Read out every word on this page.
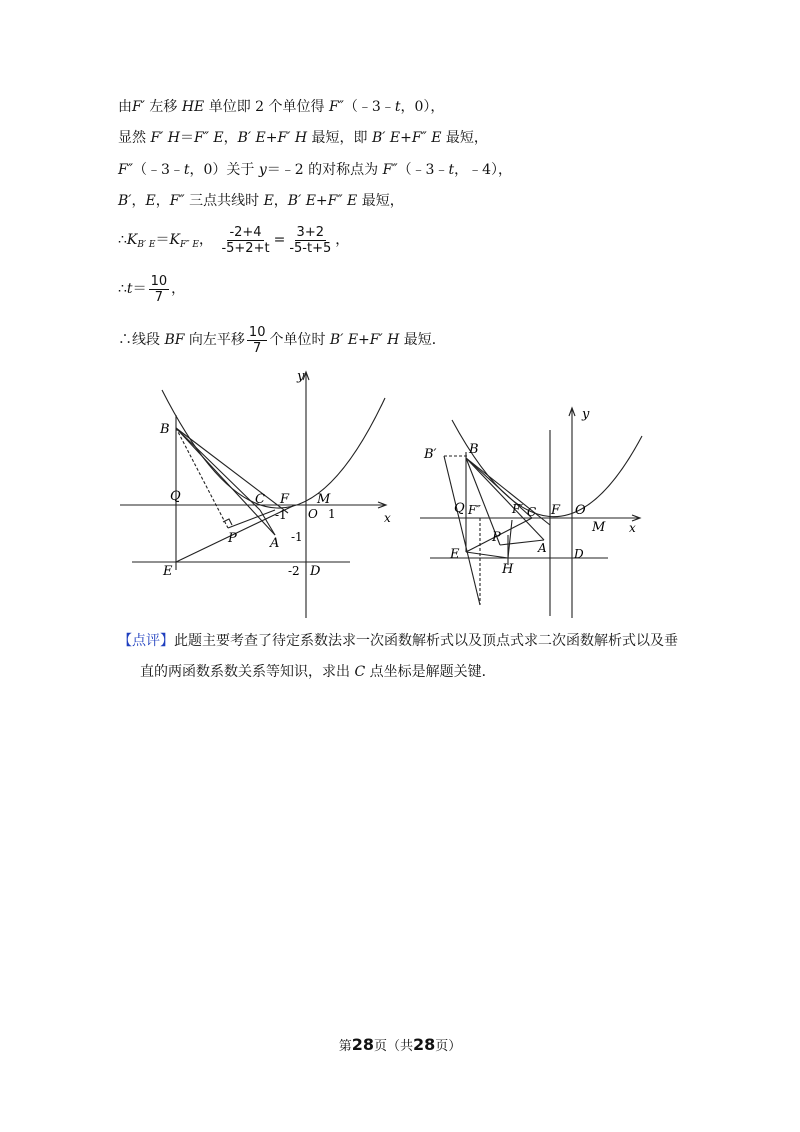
由F′ 左移 HE 单位即 2 个单位得 F″（﹣3﹣t，0），
显然 F′ H＝F″ E，B′ E+F′ H 最短，即 B′ E+F″ E 最短，
F″（﹣3﹣t，0）关于 y＝﹣2 的对称点为 F″（﹣3﹣t，﹣4），
B′，E，F″ 三点共线时 E，B′ E+F″ E 最短，
$\therefore K_{B' E}=K_{F'' E}$， $\frac{-2+4}{-5+2+t} = \frac{3+2}{-5-t+5}$ ，
∴t＝ $\frac{10}{7}$ ，
∴线段 BF 向左平移 $\frac{10}{7}$ 个单位时 B′ E+F′ H 最短．
y
x
B
Q	C F M
O 1
-1
-1
P	A
E	-2 D
y
x
B′ B
Q F″	F′ C F O
M
P
A D
E
H
【点评】此题主要考查了待定系数法求一次函数解析式以及顶点式求二次函数解析式以及垂
直的两函数系数关系等知识，求出 C 点坐标是解题关键．
第28页（共28页）
